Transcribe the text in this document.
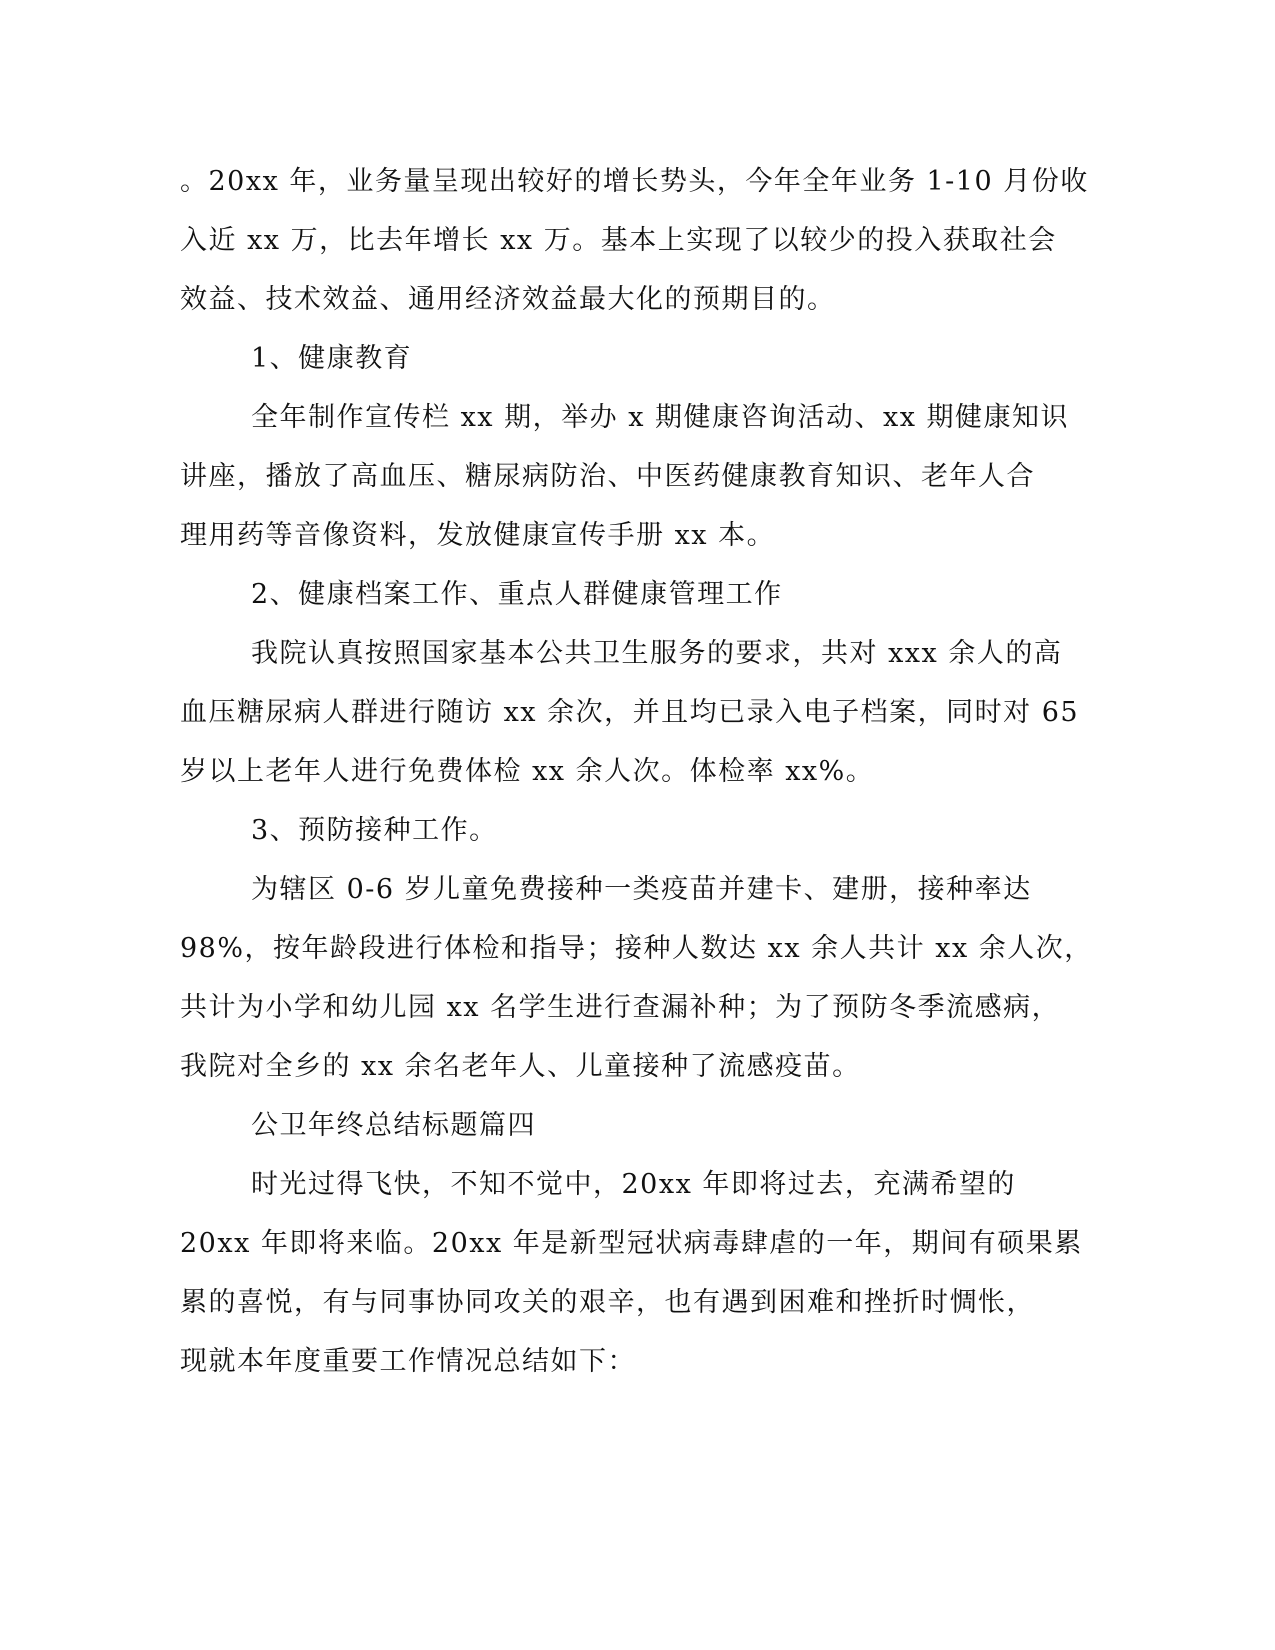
。20xx 年，业务量呈现出较好的增长势头，今年全年业务 1-10 月份收
入近 xx 万，比去年增长 xx 万。基本上实现了以较少的投入获取社会
效益、技术效益、通用经济效益最大化的预期目的。
1、健康教育
全年制作宣传栏 xx 期，举办 x 期健康咨询活动、xx 期健康知识
讲座，播放了高血压、糖尿病防治、中医药健康教育知识、老年人合
理用药等音像资料，发放健康宣传手册 xx 本。
2、健康档案工作、重点人群健康管理工作
我院认真按照国家基本公共卫生服务的要求，共对 xxx 余人的高
血压糖尿病人群进行随访 xx 余次，并且均已录入电子档案，同时对 65
岁以上老年人进行免费体检 xx 余人次。体检率 xx%。
3、预防接种工作。
为辖区 0-6 岁儿童免费接种一类疫苗并建卡、建册，接种率达
98%，按年龄段进行体检和指导；接种人数达 xx 余人共计 xx 余人次，
共计为小学和幼儿园 xx 名学生进行查漏补种；为了预防冬季流感病，
我院对全乡的 xx 余名老年人、儿童接种了流感疫苗。
公卫年终总结标题篇四
时光过得飞快，不知不觉中，20xx 年即将过去，充满希望的
20xx 年即将来临。20xx 年是新型冠状病毒肆虐的一年，期间有硕果累
累的喜悦，有与同事协同攻关的艰辛，也有遇到困难和挫折时惆怅，
现就本年度重要工作情况总结如下：
